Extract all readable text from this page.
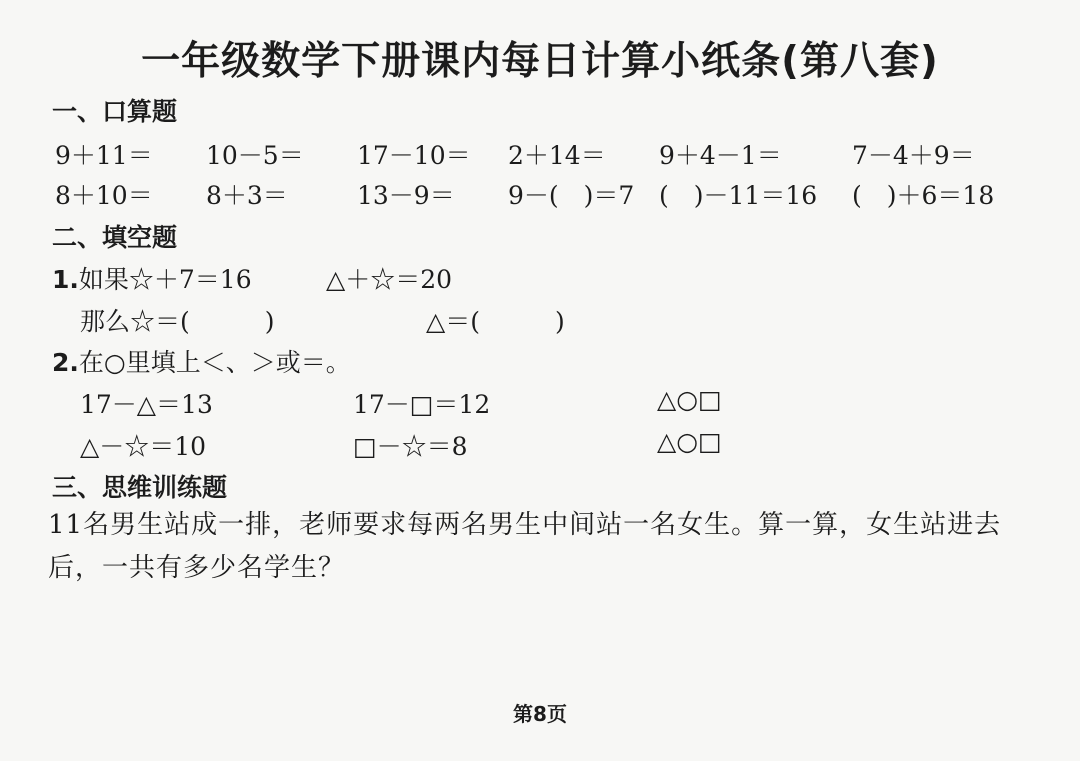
一年级数学下册课内每日计算小纸条(第八套)
一、口算题
9＋11＝ 10－5＝ 17－10＝ 2＋14＝ 9＋4－1＝	7－4＋9＝
8＋10＝ 8＋3＝	13－9＝ 9－(　)＝7 (　)－11＝16 (　)＋6＝18
二、填空题
1.如果☆＋7＝16	△＋☆＝20
那么☆＝(　　　)	△＝(　　　)
2.在○里填上＜、＞或＝。
17－△＝13	17－□＝12	△○□
△－☆＝10	□－☆＝8	△○□
三、思维训练题
11名男生站成一排，老师要求每两名男生中间站一名女生。算一算，女生站进去后，一共有多少名学生？
第8页
